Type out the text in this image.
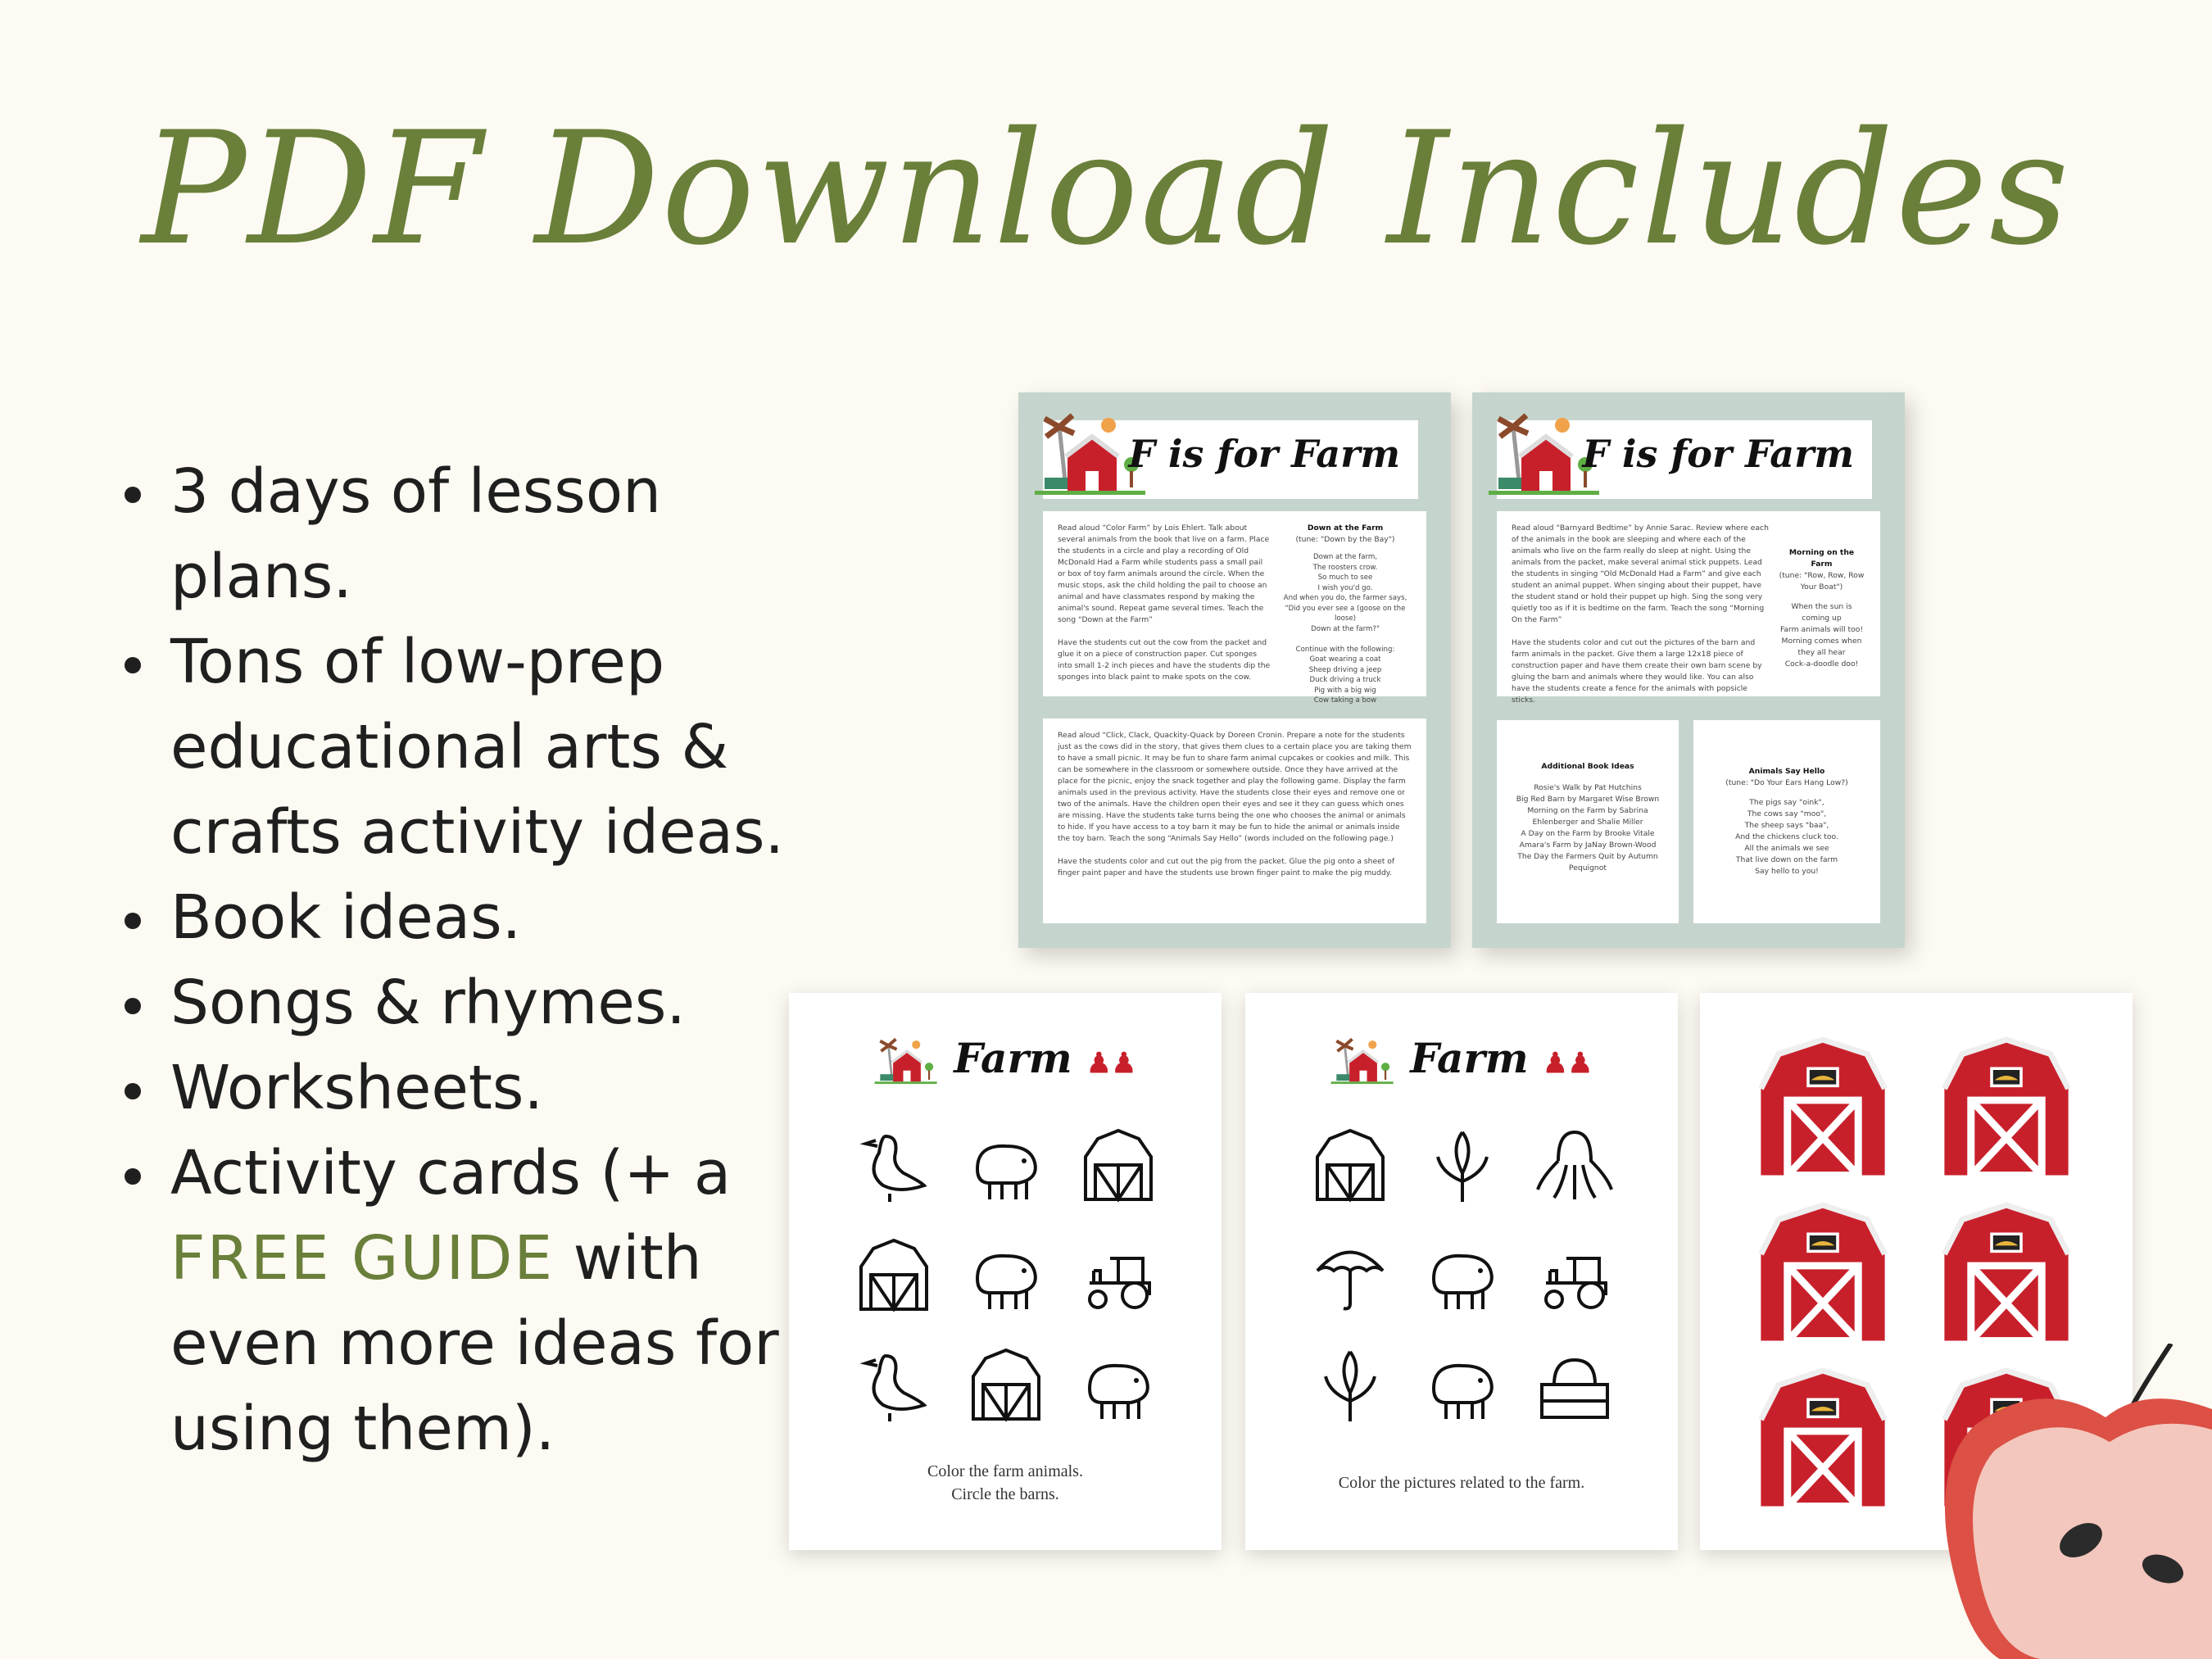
PDF Download Includes
3 days of lesson plans.
Tons of low-prep educational arts & crafts activity ideas.
Book ideas.
Songs & rhymes.
Worksheets.
Activity cards (+ a FREE GUIDE with even more ideas for using them).
F is for Farm

Read aloud “Color Farm” by Lois Ehlert. Talk about several animals from the book that live on a farm. Place the students in a circle and play a recording of Old McDonald Had a Farm while students pass a small pail or box of toy farm animals around the circle. When the music stops, ask the child holding the pail to choose an animal and have classmates respond by making the animal's sound. Repeat game several times. Teach the song “Down at the Farm”

Have the students cut out the cow from the packet and glue it on a piece of construction paper. Cut sponges into small 1-2 inch pieces and have the students dip the sponges into black paint to make spots on the cow.

Down at the Farm
(tune: "Down by the Bay")
Down at the farm,
The roosters crow.
So much to see
I wish you'd go.
And when you do, the farmer says,
"Did you ever see a (goose on the loose)
Down at the farm?"

Continue with the following:
Goat wearing a coat
Sheep driving a jeep
Duck driving a truck
Pig with a big wig
Cow taking a bow

Read aloud “Click, Clack, Quackity-Quack by Doreen Cronin. Prepare a note for the students just as the cows did in the story, that gives them clues to a certain place you are taking them to have a small picnic. It may be fun to share farm animal cupcakes or cookies and milk. This can be somewhere in the classroom or somewhere outside. Once they have arrived at the place for the picnic, enjoy the snack together and play the following game. Display the farm animals used in the previous activity. Have the students close their eyes and remove one or two of the animals. Have the children open their eyes and see it they can guess which ones are missing. Have the students take turns being the one who chooses the animal or animals to hide. If you have access to a toy barn it may be fun to hide the animal or animals inside the toy barn. Teach the song “Animals Say Hello” (words included on the following page.)

Have the students color and cut out the pig from the packet. Glue the pig onto a sheet of finger paint paper and have the students use brown finger paint to make the pig muddy.

F is for Farm

Read aloud “Barnyard Bedtime” by Annie Sarac. Review where each of the animals in the book are sleeping and where each of the animals who live on the farm really do sleep at night. Using the animals from the packet, make several animal stick puppets. Lead the students in singing “Old McDonald Had a Farm” and give each student an animal puppet. When singing about their puppet, have the student stand or hold their puppet up high. Sing the song very quietly too as if it is bedtime on the farm. Teach the song “Morning On the Farm”

Have the students color and cut out the pictures of the barn and farm animals in the packet. Give them a large 12x18 piece of construction paper and have them create their own barn scene by gluing the barn and animals where they would like. You can also have the students create a fence for the animals with popsicle sticks.

Morning on the Farm
(tune: "Row, Row, Row Your Boat")
When the sun is coming up
Farm animals will too!
Morning comes when they all hear
Cock-a-doodle doo!
Additional Book Ideas
Rosie's Walk by Pat Hutchins
Big Red Barn by Margaret Wise Brown
Morning on the Farm by Sabrina Ehlenberger and Shalie Miller
A Day on the Farm by Brooke Vitale
Amara's Farm by JaNay Brown-Wood
The Day the Farmers Quit by Autumn Pequignot
Animals Say Hello
(tune: "Do Your Ears Hang Low?)
The pigs say "oink",
The cows say "moo",
The sheep says "baa",
And the chickens cluck too.
All the animals we see
That live down on the farm
Say hello to you!
Farm ♟♟
Color the farm animals.
Circle the barns.
Farm ♟♟
Color the pictures related to the farm.
